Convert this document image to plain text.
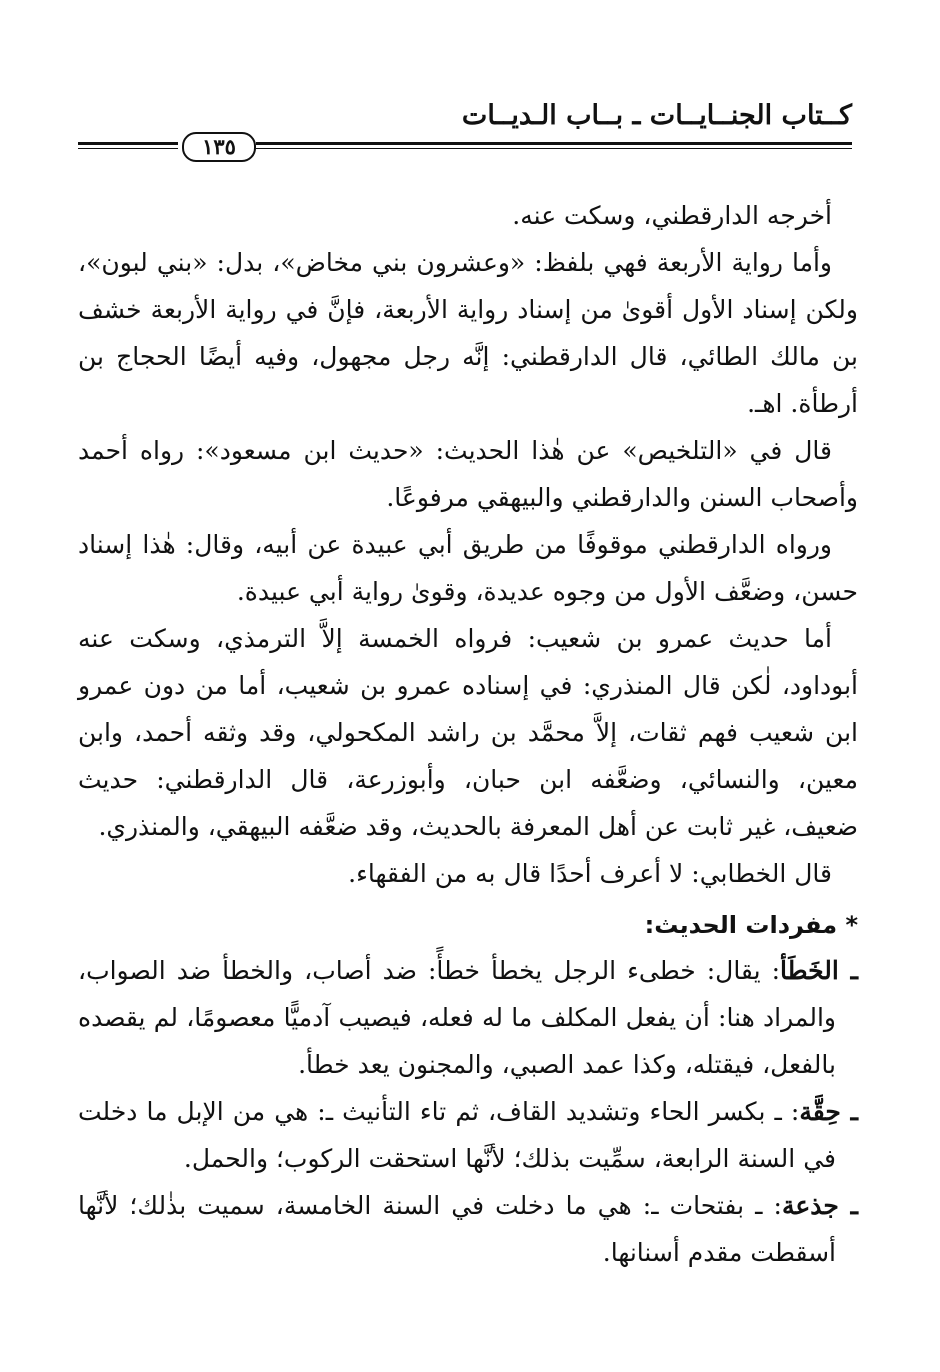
كــتاب الجنــايــات ـ بــاب الـديــات
١٣٥

أخرجه الدارقطني، وسكت عنه.

وأما رواية الأربعة فهي بلفظ: «وعشرون بني مخاض»، بدل: «بني لبون»، ولكن إسناد الأول أقوىٰ من إسناد رواية الأربعة، فإنَّ في رواية الأربعة خشف بن مالك الطائي، قال الدارقطني: إنَّه رجل مجهول، وفيه أيضًا الحجاج بن أرطأة. اهـ.

قال في «التلخيص» عن هٰذا الحديث: «حديث ابن مسعود»: رواه أحمد وأصحاب السنن والدارقطني والبيهقي مرفوعًا.

ورواه الدارقطني موقوفًا من طريق أبي عبيدة عن أبيه، وقال: هٰذا إسناد حسن، وضعَّف الأول من وجوه عديدة، وقوىٰ رواية أبي عبيدة.

أما حديث عمرو بن شعيب: فرواه الخمسة إلاَّ الترمذي، وسكت عنه أبوداود، لٰكن قال المنذري: في إسناده عمرو بن شعيب، أما من دون عمرو ابن شعيب فهم ثقات، إلاَّ محمَّد بن راشد المكحولي، وقد وثقه أحمد، وابن معين، والنسائي، وضعَّفه ابن حبان، وأبوزرعة، قال الدارقطني: حديث ضعيف، غير ثابت عن أهل المعرفة بالحديث، وقد ضعَّفه البيهقي، والمنذري.

قال الخطابي: لا أعرف أحدًا قال به من الفقهاء.

* مفردات الحديث:

ـ الخَطَأ: يقال: خطىء الرجل يخطأ خطأً: ضد أصاب، والخطأ ضد الصواب، والمراد هنا: أن يفعل المكلف ما له فعله، فيصيب آدميًّا معصومًا، لم يقصده بالفعل، فيقتله، وكذا عمد الصبي، والمجنون يعد خطأ.

ـ حِقَّة: ـ بكسر الحاء وتشديد القاف، ثم تاء التأنيث ـ: هي من الإبل ما دخلت في السنة الرابعة، سمِّيت بذلك؛ لأنَّها استحقت الركوب؛ والحمل.

ـ جذعة: ـ بفتحات ـ: هي ما دخلت في السنة الخامسة، سميت بذٰلك؛ لأنَّها أسقطت مقدم أسنانها.
